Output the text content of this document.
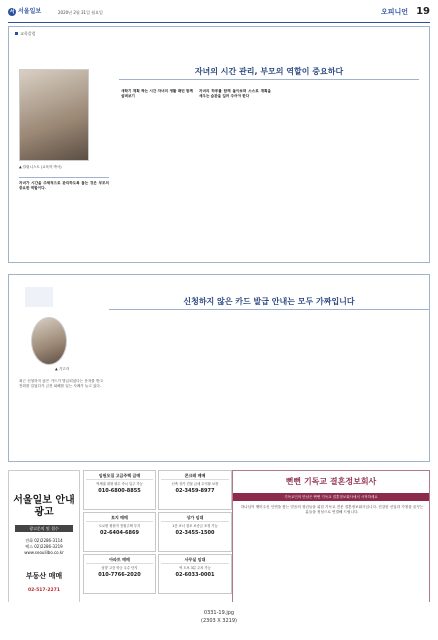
서 서울일보	2020년 2월 31일 월요일	오피니언 19
교육칼럼
자녀의 시간 관리, 부모의 역할이 중요하다
▲ 칼럼니스트 (교육학 박사)
자녀가 시간을 주체적으로 관리하도록 돕는 것은 부모의 중요한 역할이다.
새학기 계획 짜는 시간 자녀의 생활 패턴 함께 살펴보기
자녀의 하루를 함께 돌아보며 스스로 계획을 세우는 습관을 길러 주어야 한다
신청하지 않은 카드 발급 안내는 모두 가짜입니다
▲ 기고자
최근 신청하지 않은 카드가 발급되었다는 문자를 받고 전화를 걸었다가 금전 피해를 입는 사례가 늘고 있다.
서울일보 안내광고
광고문의 및 접수
전화 02)2286-3114
팩스 02)2286-3219
www.seoulilbo.co.kr
부동산 매매
02-517-2271
임원모집 고급주택 급매
역세권 대형 평수 즉시 입주 가능
010-6800-8855
토지 매매
도로변 평탄지 전원주택 부지
02-6404-6869
아파트 매매
남향 고층 학군 우수 단지
010-7766-2020
콘크레 매매
신축 상가 건물 급매 수익률 보장
02-3459-8977
상가 임대
1층 코너 점포 보증금 조정 가능
02-3455-1500
사무실 임대
역 도보 3분 주차 가능
02-6033-0001
뻔뻔 기독교 결혼정보회사
기독교인의 만남은 뻔뻔 기독교 결혼정보회사에서 시작하세요
하나님이 맺어주신 인연을 찾는 믿음의 청년들을 위한 기독교 전문 결혼정보회사입니다. 건강한 신앙과 가정을 꿈꾸는 분들을 정성으로 연결해 드립니다.
0331-19.jpg
(2303 X 3219)
